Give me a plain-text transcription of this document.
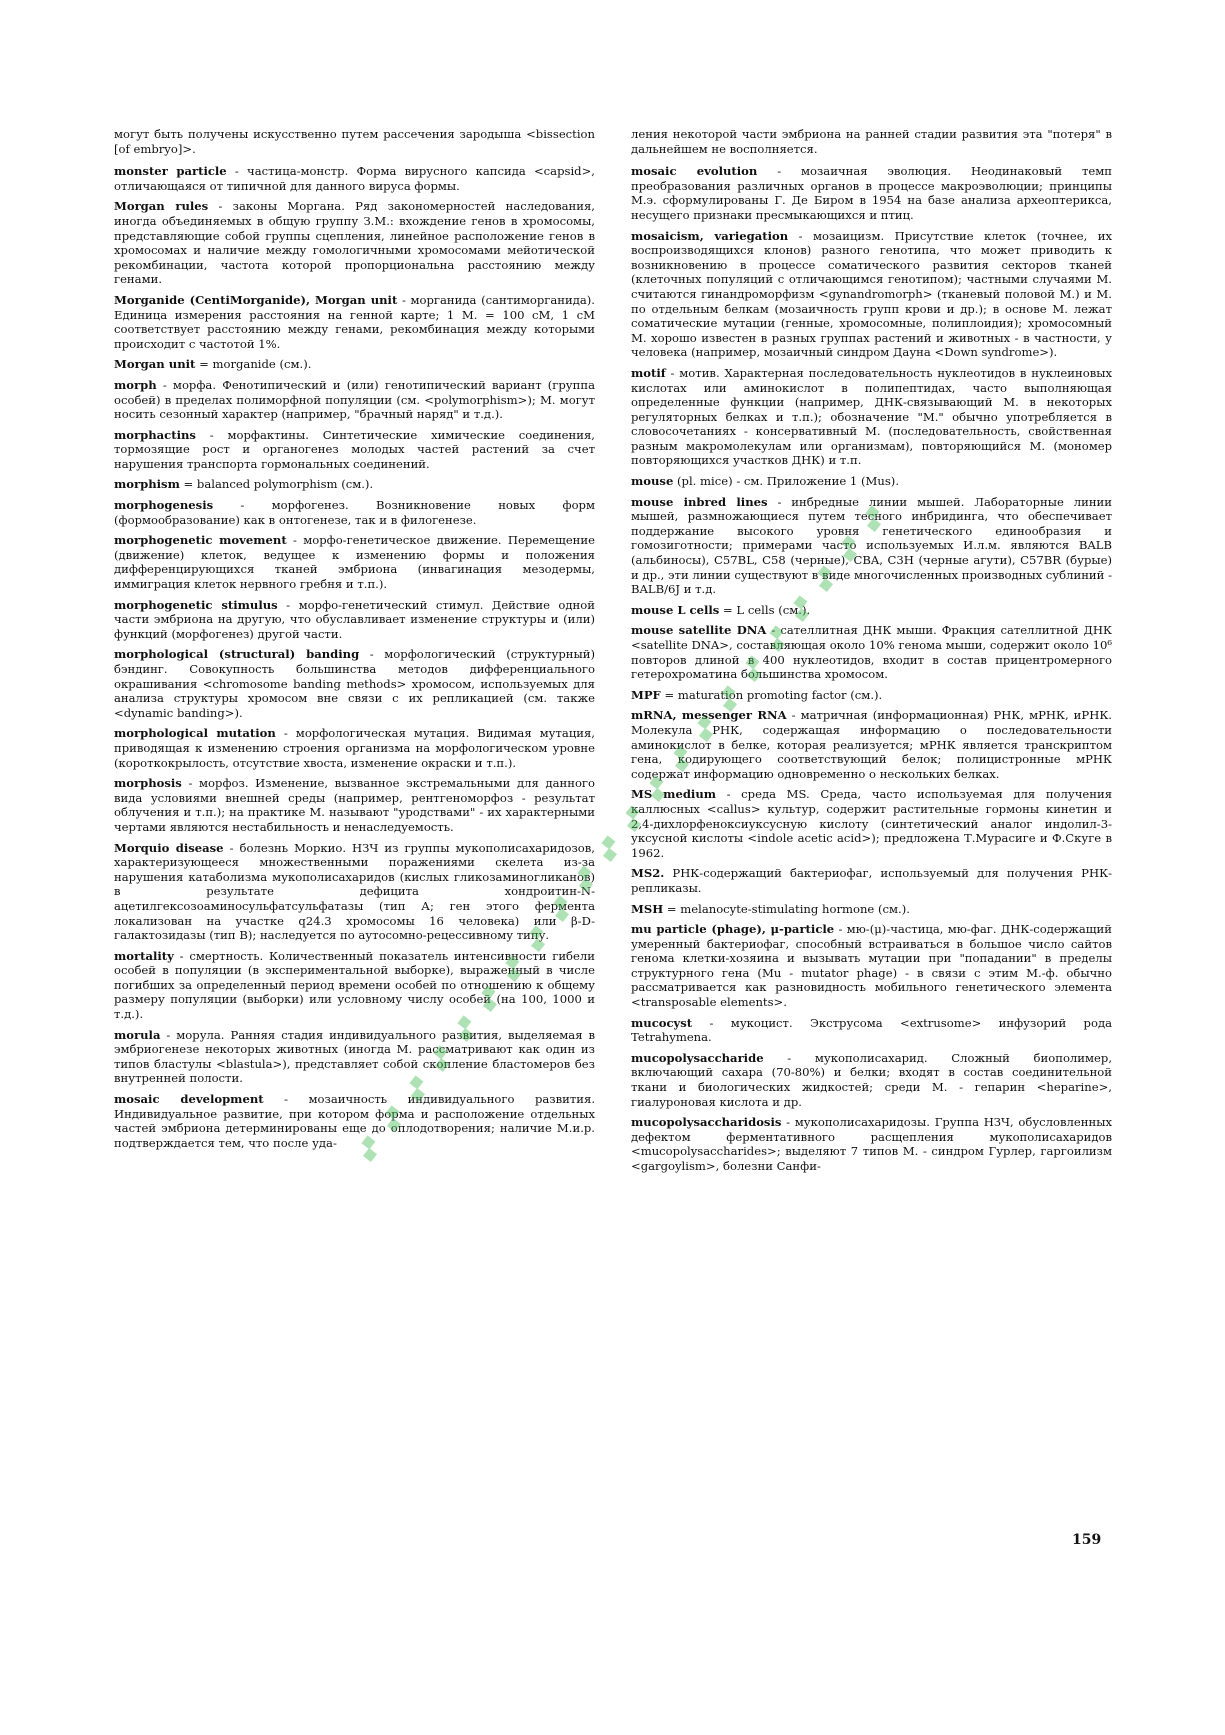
могут быть получены искусственно путем рассечения зародыша <bissection [of embryo]>.

monster particle - частица-монстр. Форма вирусного капсида <capsid>, отличающаяся от типичной для данного вируса формы.

Morgan rules - законы Моргана. Ряд закономерностей наследования, иногда объединяемых в общую группу З.М.: вхождение генов в хромосомы, представляющие собой группы сцепления, линейное расположение генов в хромосомах и наличие между гомологичными хромосомами мейотической рекомбинации, частота которой пропорциональна расстоянию между генами.

Morganide (CentiMorganide), Morgan unit - морганида (сантиморганида). Единица измерения расстояния на генной карте; 1 М. = 100 сМ, 1 сМ соответствует расстоянию между генами, рекомбинация между которыми происходит с частотой 1%.

Morgan unit = morganide (см.).

morph - морфа. Фенотипический и (или) генотипический вариант (группа особей) в пределах полиморфной популяции (см. <polymorphism>); М. могут носить сезонный характер (например, "брачный наряд" и т.д.).

morphactins - морфактины. Синтетические химические соединения, тормозящие рост и органогенез молодых частей растений за счет нарушения транспорта гормональных соединений.

morphism = balanced polymorphism (см.).

morphogenesis - морфогенез. Возникновение новых форм (формообразование) как в онтогенезе, так и в филогенезе.

morphogenetic movement - морфо-генетическое движение. Перемещение (движение) клеток, ведущее к изменению формы и положения дифференцирующихся тканей эмбриона (инвагинация мезодермы, иммиграция клеток нервного гребня и т.п.).

morphogenetic stimulus - морфо-генетический стимул. Действие одной части эмбриона на другую, что обуславливает изменение структуры и (или) функций (морфогенез) другой части.

morphological (structural) banding - морфологический (структурный) бэндинг. Совокупность большинства методов дифференциального окрашивания <chromosome banding methods> хромосом, используемых для анализа структуры хромосом вне связи с их репликацией (см. также <dynamic banding>).

morphological mutation - морфологическая мутация. Видимая мутация, приводящая к изменению строения организма на морфологическом уровне (короткокрылость, отсутствие хвоста, изменение окраски и т.п.).

morphosis - морфоз. Изменение, вызванное экстремальными для данного вида условиями внешней среды (например, рентгеноморфоз - результат облучения и т.п.); на практике М. называют "уродствами" - их характерными чертами являются нестабильность и ненаследуемость.

Morquio disease - болезнь Моркио. НЗЧ из группы мукополисахаридозов, характеризующееся множественными поражениями скелета из-за нарушения катаболизма мукополисахаридов (кислых гликозаминогликанов) в результате дефицита хондроитин-N-ацетилгексозоаминосульфатсульфатазы (тип А; ген этого фермента локализован на участке q24.3 хромосомы 16 человека) или β-D-галактозидазы (тип В); наследуется по аутосомно-рецессивному типу.

mortality - смертность. Количественный показатель интенсивности гибели особей в популяции (в экспериментальной выборке), выраженный в числе погибших за определенный период времени особей по отношению к общему размеру популяции (выборки) или условному числу особей (на 100, 1000 и т.д.).

morula - морула. Ранняя стадия индивидуального развития, выделяемая в эмбриогенезе некоторых животных (иногда М. рассматривают как один из типов бластулы <blastula>), представляет собой скопление бластомеров без внутренней полости.

mosaic development - мозаичность индивидуального развития. Индивидуальное развитие, при котором форма и расположение отдельных частей эмбриона детерминированы еще до оплодотворения; наличие М.и.р. подтверждается тем, что после уда-

ления некоторой части эмбриона на ранней стадии развития эта "потеря" в дальнейшем не восполняется.

mosaic evolution - мозаичная эволюция. Неодинаковый темп преобразования различных органов в процессе макроэволюции; принципы М.э. сформулированы Г. Де Биром в 1954 на базе анализа археоптерикса, несущего признаки пресмыкающихся и птиц.

mosaicism, variegation - мозаицизм. Присутствие клеток (точнее, их воспроизводящихся клонов) разного генотипа, что может приводить к возникновению в процессе соматического развития секторов тканей (клеточных популяций с отличающимся генотипом); частными случаями М. считаются гинандроморфизм <gynandromorph> (тканевый половой М.) и М. по отдельным белкам (мозаичность групп крови и др.); в основе М. лежат соматические мутации (генные, хромосомные, полиплоидия); хромосомный М. хорошо известен в разных группах растений и животных - в частности, у человека (например, мозаичный синдром Дауна <Down syndrome>).

motif - мотив. Характерная последовательность нуклеотидов в нуклеиновых кислотах или аминокислот в полипептидах, часто выполняющая определенные функции (например, ДНК-связывающий М. в некоторых регуляторных белках и т.п.); обозначение "М." обычно употребляется в словосочетаниях - консервативный М. (последовательность, свойственная разным макромолекулам или организмам), повторяющийся М. (мономер повторяющихся участков ДНК) и т.п.

mouse (pl. mice) - см. Приложение 1 (Mus).

mouse inbred lines - инбредные линии мышей. Лабораторные линии мышей, размножающиеся путем тесного инбридинга, что обеспечивает поддержание высокого уровня генетического единообразия и гомозиготности; примерами часто используемых И.л.м. являются BALB (альбиносы), C57BL, C58 (черные), CBA, C3H (черные агути), C57BR (бурые) и др., эти линии существуют в виде многочисленных производных сублиний - BALB/6J и т.д.

mouse L cells = L cells (см.).

mouse satellite DNA - сателлитная ДНК мыши. Фракция сателлитной ДНК <satellite DNA>, составляющая около 10% генома мыши, содержит около 10⁶ повторов длиной в 400 нуклеотидов, входит в состав прицентромерного гетерохроматина большинства хромосом.

MPF = maturation promoting factor (см.).

mRNA, messenger RNA - матричная (информационная) РНК, мРНК, иРНК. Молекула РНК, содержащая информацию о последовательности аминокислот в белке, которая реализуется; мРНК является транскриптом гена, кодирующего соответствующий белок; полицистронные мРНК содержат информацию одновременно о нескольких белках.

MS medium - среда MS. Среда, часто используемая для получения каллюсных <callus> культур, содержит растительные гормоны кинетин и 2,4-дихлорфеноксиуксусную кислоту (синтетический аналог индолил-3-уксусной кислоты <indole acetic acid>); предложена Т.Мурасиге и Ф.Скуге в 1962.

MS2. РНК-содержащий бактериофаг, используемый для получения РНК-репликазы.

MSH = melanocyte-stimulating hormone (см.).

mu particle (phage), μ-particle - мю-(μ)-частица, мю-фаг. ДНК-содержащий умеренный бактериофаг, способный встраиваться в большое число сайтов генома клетки-хозяина и вызывать мутации при "попадании" в пределы структурного гена (Mu - mutator phage) - в связи с этим М.-ф. обычно рассматривается как разновидность мобильного генетического элемента <transposable elements>.

mucocyst - мукоцист. Экструсома <extrusome> инфузорий рода Tetrahymena.

mucopolysaccharide - мукополисахарид. Сложный биополимер, включающий сахара (70-80%) и белки; входят в состав соединительной ткани и биологических жидкостей; среди М. - гепарин <heparine>, гиалуроновая кислота и др.

mucopolysaccharidosis - мукополисахаридозы. Группа НЗЧ, обусловленных дефектом ферментативного расщепления мукополисахаридов <mucopolysaccharides>; выделяют 7 типов М. - синдром Гурлер, гаргоилизм <gargoylism>, болезни Санфи-

159
